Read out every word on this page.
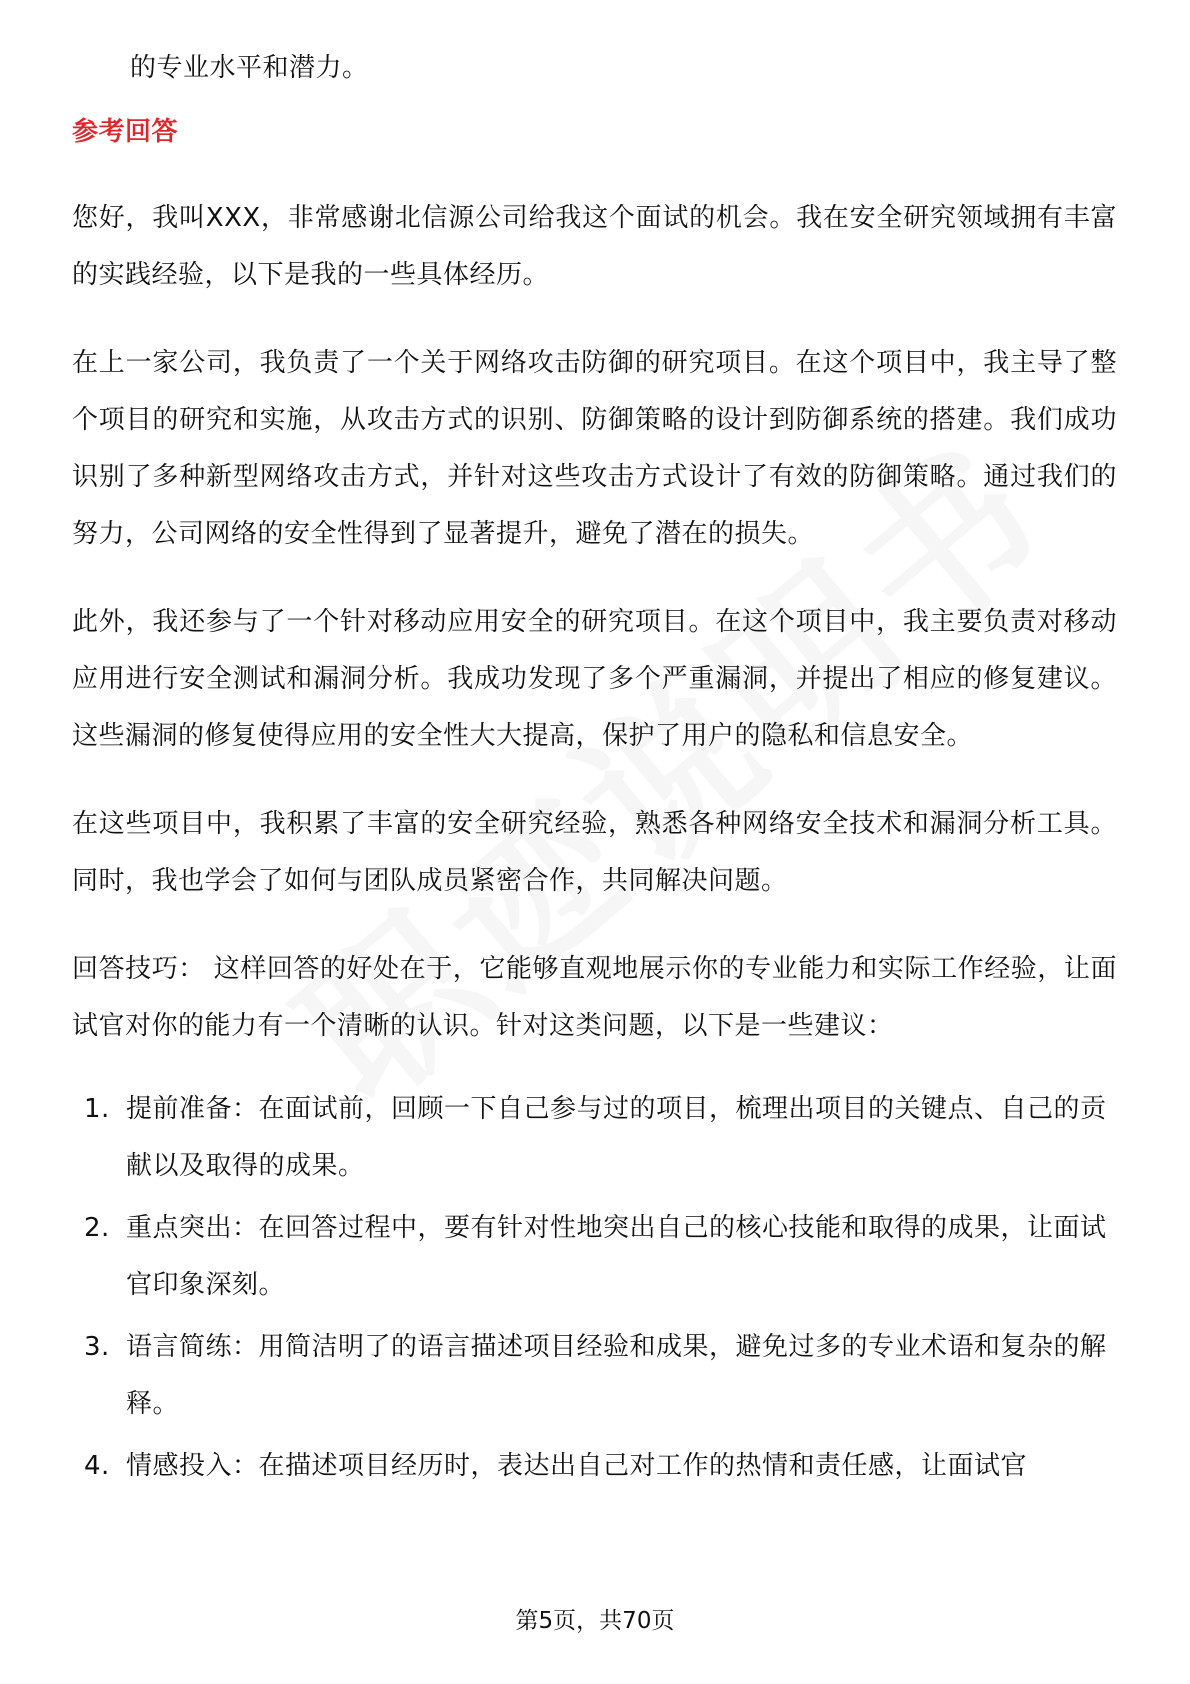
的专业水平和潜力。

参考回答

您好，我叫XXX，非常感谢北信源公司给我这个面试的机会。我在安全研究领域拥有丰富的实践经验，以下是我的一些具体经历。

在上一家公司，我负责了一个关于网络攻击防御的研究项目。在这个项目中，我主导了整个项目的研究和实施，从攻击方式的识别、防御策略的设计到防御系统的搭建。我们成功识别了多种新型网络攻击方式，并针对这些攻击方式设计了有效的防御策略。通过我们的努力，公司网络的安全性得到了显著提升，避免了潜在的损失。

此外，我还参与了一个针对移动应用安全的研究项目。在这个项目中，我主要负责对移动应用进行安全测试和漏洞分析。我成功发现了多个严重漏洞，并提出了相应的修复建议。这些漏洞的修复使得应用的安全性大大提高，保护了用户的隐私和信息安全。

在这些项目中，我积累了丰富的安全研究经验，熟悉各种网络安全技术和漏洞分析工具。同时，我也学会了如何与团队成员紧密合作，共同解决问题。

回答技巧： 这样回答的好处在于，它能够直观地展示你的专业能力和实际工作经验，让面试官对你的能力有一个清晰的认识。针对这类问题，以下是一些建议：

1. 提前准备：在面试前，回顾一下自己参与过的项目，梳理出项目的关键点、自己的贡献以及取得的成果。
2. 重点突出：在回答过程中，要有针对性地突出自己的核心技能和取得的成果，让面试官印象深刻。
3. 语言简练：用简洁明了的语言描述项目经验和成果，避免过多的专业术语和复杂的解释。
4. 情感投入：在描述项目经历时，表达出自己对工作的热情和责任感，让面试官
第5页，共70页
